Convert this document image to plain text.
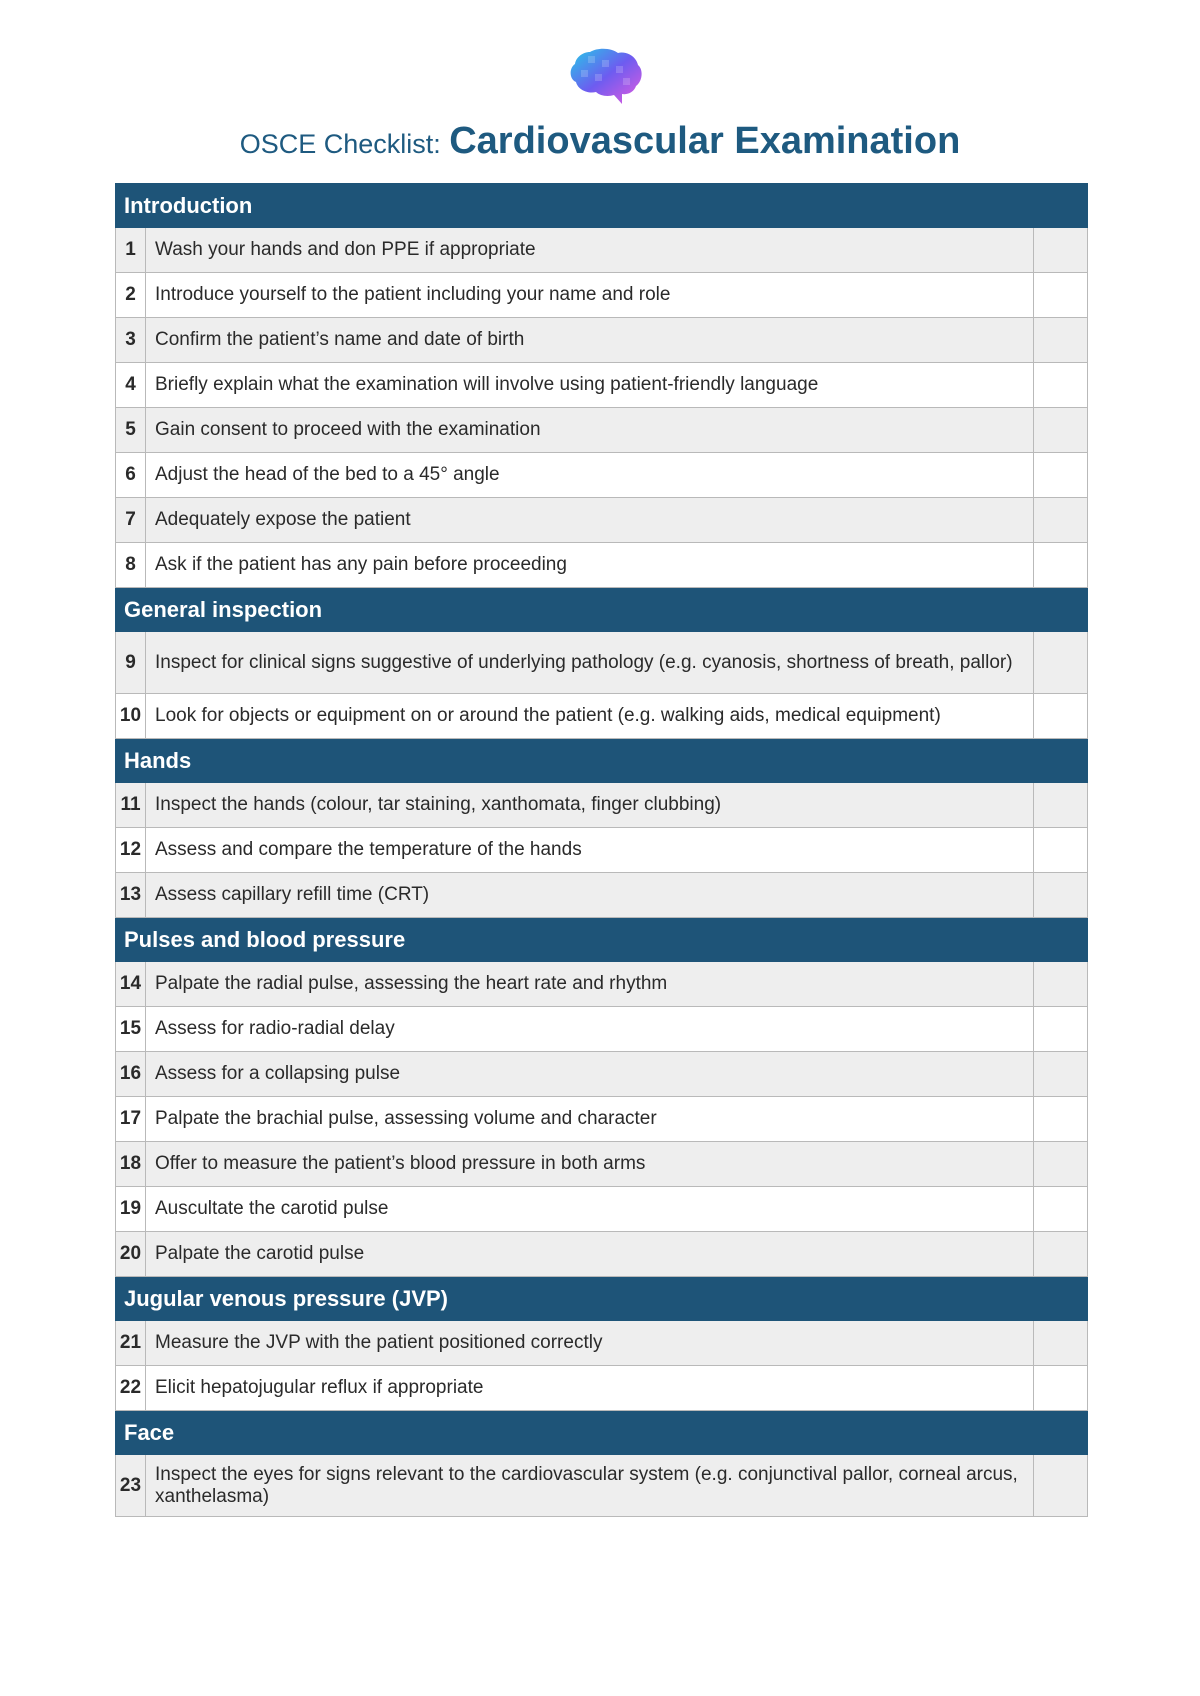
OSCE Checklist: Cardiovascular Examination
Introduction		
1	Wash your hands and don PPE if appropriate	
2	Introduce yourself to the patient including your name and role	
3	Confirm the patient’s name and date of birth	
4	Briefly explain what the examination will involve using patient-friendly language	
5	Gain consent to proceed with the examination	
6	Adjust the head of the bed to a 45° angle	
7	Adequately expose the patient	
8	Ask if the patient has any pain before proceeding	
General inspection		
9	Inspect for clinical signs suggestive of underlying pathology (e.g. cyanosis, shortness of breath, pallor)	
10	Look for objects or equipment on or around the patient (e.g. walking aids, medical equipment)	
Hands		
11	Inspect the hands (colour, tar staining, xanthomata, finger clubbing)	
12	Assess and compare the temperature of the hands	
13	Assess capillary refill time (CRT)	
Pulses and blood pressure		
14	Palpate the radial pulse, assessing the heart rate and rhythm	
15	Assess for radio-radial delay	
16	Assess for a collapsing pulse	
17	Palpate the brachial pulse, assessing volume and character	
18	Offer to measure the patient’s blood pressure in both arms	
19	Auscultate the carotid pulse	
20	Palpate the carotid pulse	
Jugular venous pressure (JVP)		
21	Measure the JVP with the patient positioned correctly	
22	Elicit hepatojugular reflux if appropriate	
Face		
23	Inspect the eyes for signs relevant to the cardiovascular system (e.g. conjunctival pallor, corneal arcus, xanthelasma)	
